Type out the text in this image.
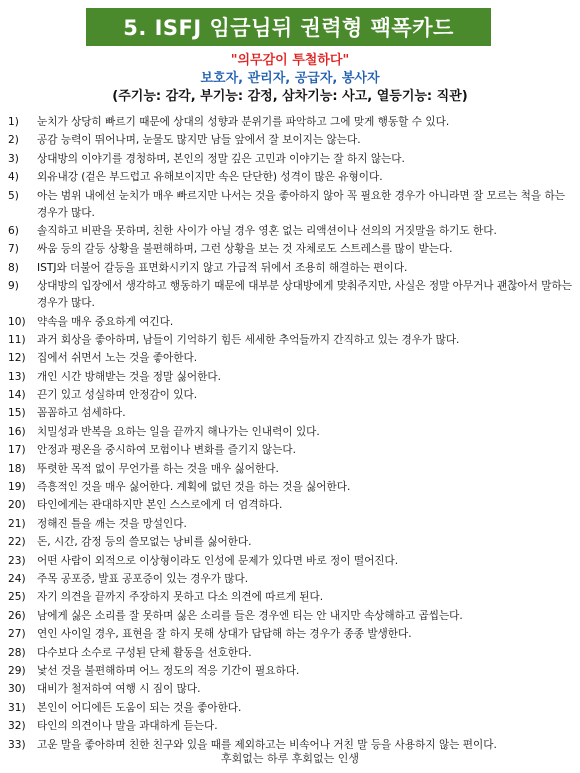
5. ISFJ 임금님뒤 권력형 팩폭카드
"의무감이 투철하다"
보호자, 관리자, 공급자, 봉사자
(주기능: 감각, 부기능: 감정, 삼차기능: 사고, 열등기능: 직관)
1)	눈치가 상당히 빠르기 때문에 상대의 성향과 분위기를 파악하고 그에 맞게 행동할 수 있다.
2)	공감 능력이 뛰어나며, 눈물도 많지만 남들 앞에서 잘 보이지는 않는다.
3)	상대방의 이야기를 경청하며, 본인의 정말 깊은 고민과 이야기는 잘 하지 않는다.
4)	외유내강 (겉은 부드럽고 유해보이지만 속은 단단한) 성격이 많은 유형이다.
5)	아는 범위 내에선 눈치가 매우 빠르지만 나서는 것을 좋아하지 않아 꼭 필요한 경우가 아니라면 잘 모르는 척을 하는 경우가 많다.
6)	솔직하고 비판을 못하며, 친한 사이가 아닐 경우 영혼 없는 리액션이나 선의의 거짓말을 하기도 한다.
7)	싸움 등의 갈등 상황을 불편해하며, 그런 상황을 보는 것 자체로도 스트레스를 많이 받는다.
8)	ISTJ와 더불어 갈등을 표면화시키지 않고 가급적 뒤에서 조용히 해결하는 편이다.
9)	상대방의 입장에서 생각하고 행동하기 때문에 대부분 상대방에게 맞춰주지만, 사실은 정말 아무거나 괜찮아서 말하는 경우가 많다.
10)	약속을 매우 중요하게 여긴다.
11)	과거 회상을 좋아하며, 남들이 기억하기 힘든 세세한 추억들까지 간직하고 있는 경우가 많다.
12)	집에서 쉬면서 노는 것을 좋아한다.
13)	개인 시간 방해받는 것을 정말 싫어한다.
14)	끈기 있고 성실하며 안정감이 있다.
15)	꼼꼼하고 섬세하다.
16)	치밀성과 반복을 요하는 일을 끝까지 해나가는 인내력이 있다.
17)	안정과 평온을 중시하여 모험이나 변화를 즐기지 않는다.
18)	뚜렷한 목적 없이 무언가를 하는 것을 매우 싫어한다.
19)	즉흥적인 것을 매우 싫어한다. 계획에 없던 것을 하는 것을 싫어한다.
20)	타인에게는 관대하지만 본인 스스로에게 더 엄격하다.
21)	정해진 틀을 깨는 것을 망설인다.
22)	돈, 시간, 감정 등의 쓸모없는 낭비를 싫어한다.
23)	어떤 사람이 외적으로 이상형이라도 인성에 문제가 있다면 바로 정이 떨어진다.
24)	주목 공포증, 발표 공포증이 있는 경우가 많다.
25)	자기 의견을 끝까지 주장하지 못하고 다소 의견에 따르게 된다.
26)	남에게 싫은 소리를 잘 못하며 싫은 소리를 들은 경우엔 티는 안 내지만 속상해하고 곱씹는다.
27)	연인 사이일 경우, 표현을 잘 하지 못해 상대가 답답해 하는 경우가 종종 발생한다.
28)	다수보다 소수로 구성된 단체 활동을 선호한다.
29)	낯선 것을 불편해하며 어느 정도의 적응 기간이 필요하다.
30)	대비가 철저하여 여행 시 짐이 많다.
31)	본인이 어디에든 도움이 되는 것을 좋아한다.
32)	타인의 의견이나 말을 과대하게 듣는다.
33)	고운 말을 좋아하며 친한 친구와 있을 때를 제외하고는 비속어나 거친 말 등을 사용하지 않는 편이다.
후회없는 하루 후회없는 인생
